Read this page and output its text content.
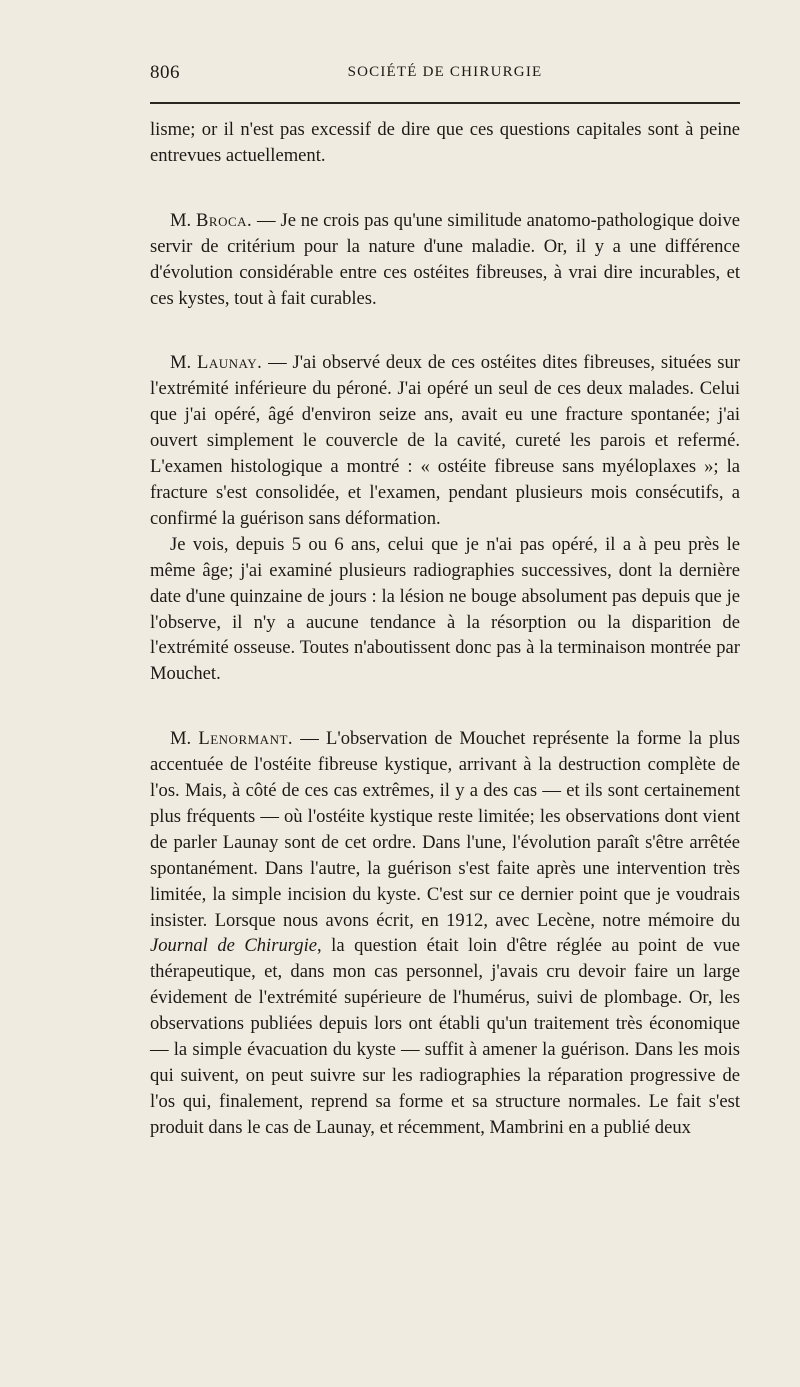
806	SOCIÉTÉ DE CHIRURGIE

lisme; or il n'est pas excessif de dire que ces questions capitales sont à peine entrevues actuellement.

M. Broca. — Je ne crois pas qu'une similitude anatomo-pathologique doive servir de critérium pour la nature d'une maladie. Or, il y a une différence d'évolution considérable entre ces ostéites fibreuses, à vrai dire incurables, et ces kystes, tout à fait curables.

M. Launay. — J'ai observé deux de ces ostéites dites fibreuses, situées sur l'extrémité inférieure du péroné. J'ai opéré un seul de ces deux malades. Celui que j'ai opéré, âgé d'environ seize ans, avait eu une fracture spontanée; j'ai ouvert simplement le couvercle de la cavité, cureté les parois et refermé. L'examen histologique a montré : « ostéite fibreuse sans myéloplaxes »; la fracture s'est consolidée, et l'examen, pendant plusieurs mois consécutifs, a confirmé la guérison sans déformation.

Je vois, depuis 5 ou 6 ans, celui que je n'ai pas opéré, il a à peu près le même âge; j'ai examiné plusieurs radiographies successives, dont la dernière date d'une quinzaine de jours : la lésion ne bouge absolument pas depuis que je l'observe, il n'y a aucune tendance à la résorption ou la disparition de l'extrémité osseuse. Toutes n'aboutissent donc pas à la terminaison montrée par Mouchet.

M. Lenormant. — L'observation de Mouchet représente la forme la plus accentuée de l'ostéite fibreuse kystique, arrivant à la destruction complète de l'os. Mais, à côté de ces cas extrêmes, il y a des cas — et ils sont certainement plus fréquents — où l'ostéite kystique reste limitée; les observations dont vient de parler Launay sont de cet ordre. Dans l'une, l'évolution paraît s'être arrêtée spontanément. Dans l'autre, la guérison s'est faite après une intervention très limitée, la simple incision du kyste. C'est sur ce dernier point que je voudrais insister. Lorsque nous avons écrit, en 1912, avec Lecène, notre mémoire du Journal de Chirurgie, la question était loin d'être réglée au point de vue thérapeutique, et, dans mon cas personnel, j'avais cru devoir faire un large évidement de l'extrémité supérieure de l'humérus, suivi de plombage. Or, les observations publiées depuis lors ont établi qu'un traitement très économique — la simple évacuation du kyste — suffit à amener la guérison. Dans les mois qui suivent, on peut suivre sur les radiographies la réparation progressive de l'os qui, finalement, reprend sa forme et sa structure normales. Le fait s'est produit dans le cas de Launay, et récemment, Mambrini en a publié deux
